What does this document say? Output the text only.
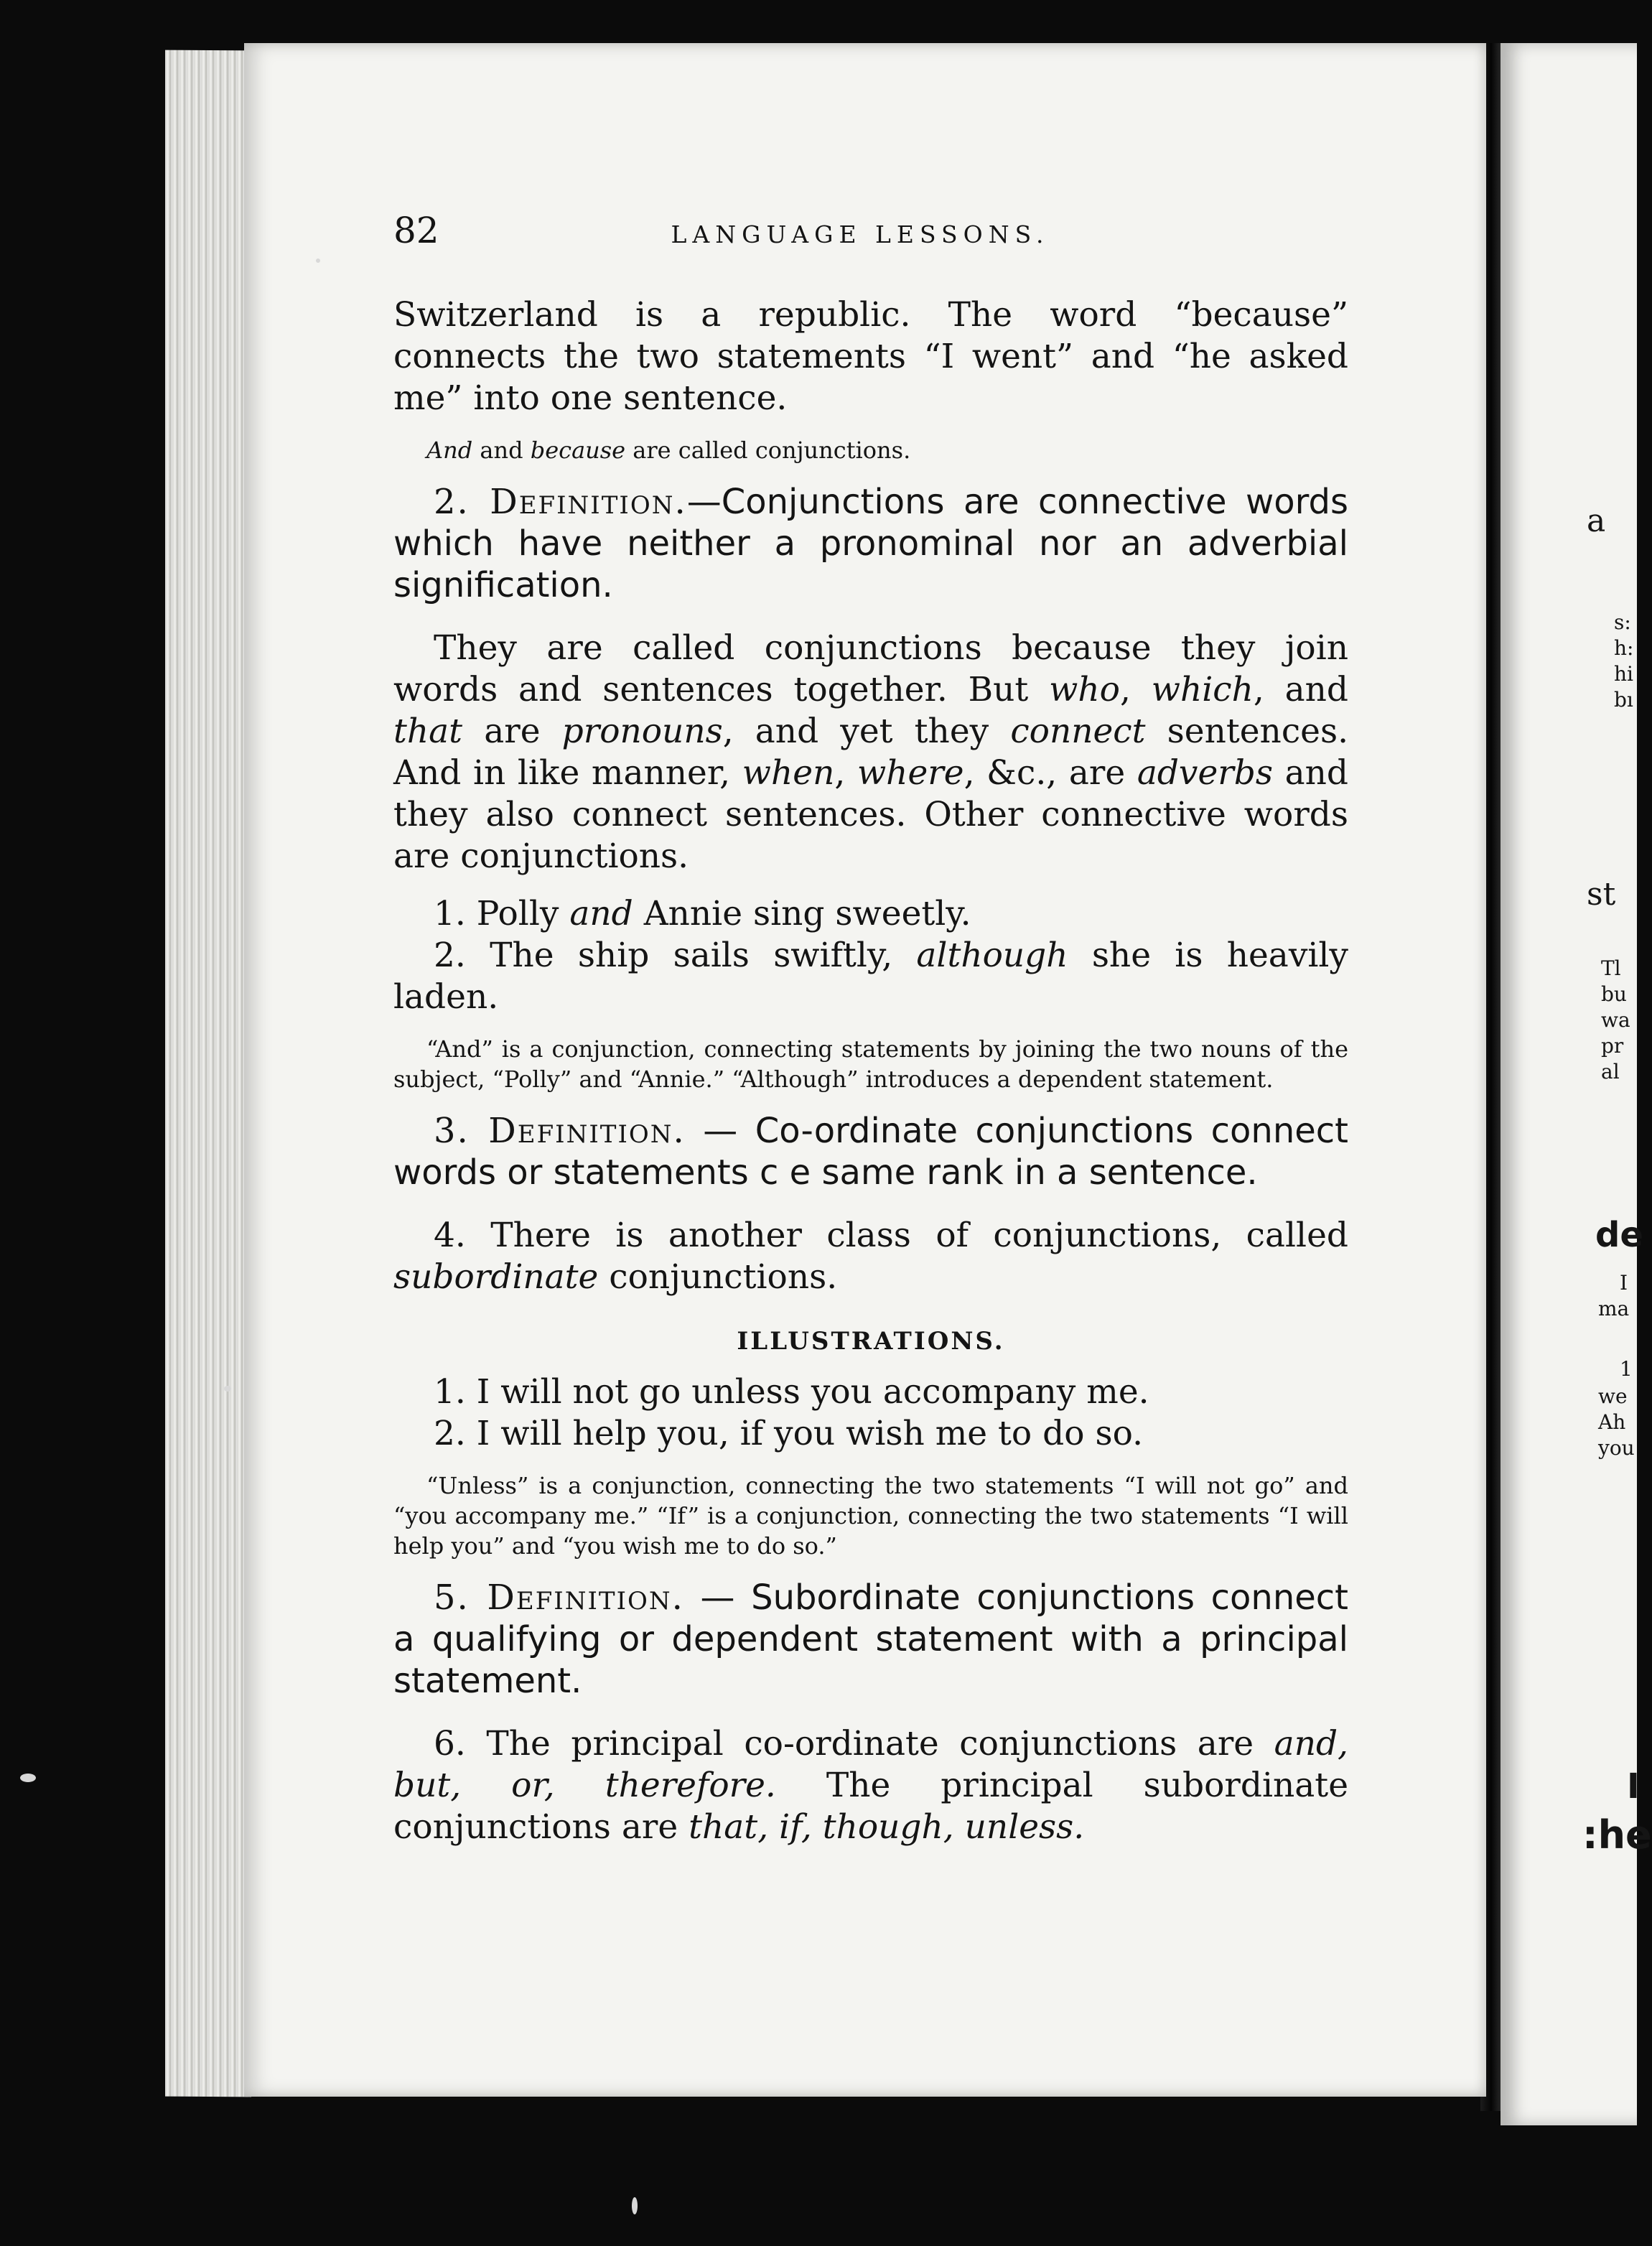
a
s:
h:
hi
bı
st
Tl
bu
wa
pr
al
de
I
ma
1
we
Ah
you
I
:he
82	LANGUAGE LESSONS.

Switzerland is a republic. The word “because” connects the two statements “I went” and “he asked me” into one sentence.

And and because are called conjunctions.

2. Definition.—Conjunctions are connective words which have neither a pronominal nor an adverbial signification.

They are called conjunctions because they join words and sentences together. But who, which, and that are pronouns, and yet they connect sentences. And in like manner, when, where, &c., are adverbs and they also connect sentences. Other connective words are conjunctions.

1. Polly and Annie sing sweetly.

2. The ship sails swiftly, although she is heavily laden.

“And” is a conjunction, connecting statements by joining the two nouns of the subject, “Polly” and “Annie.” “Although” introduces a dependent statement.

3. Definition. — Co-ordinate conjunctions connect words or statements c e same rank in a sentence.

4. There is another class of conjunctions, called subordinate conjunctions.

ILLUSTRATIONS.

1. I will not go unless you accompany me.

2. I will help you, if you wish me to do so.

“Unless” is a conjunction, connecting the two statements “I will not go” and “you accompany me.” “If” is a conjunction, connecting the two statements “I will help you” and “you wish me to do so.”

5. Definition. — Subordinate conjunctions connect a qualifying or dependent statement with a principal statement.

6. The principal co-ordinate conjunctions are and, but, or, therefore. The principal subordinate conjunctions are that, if, though, unless.
